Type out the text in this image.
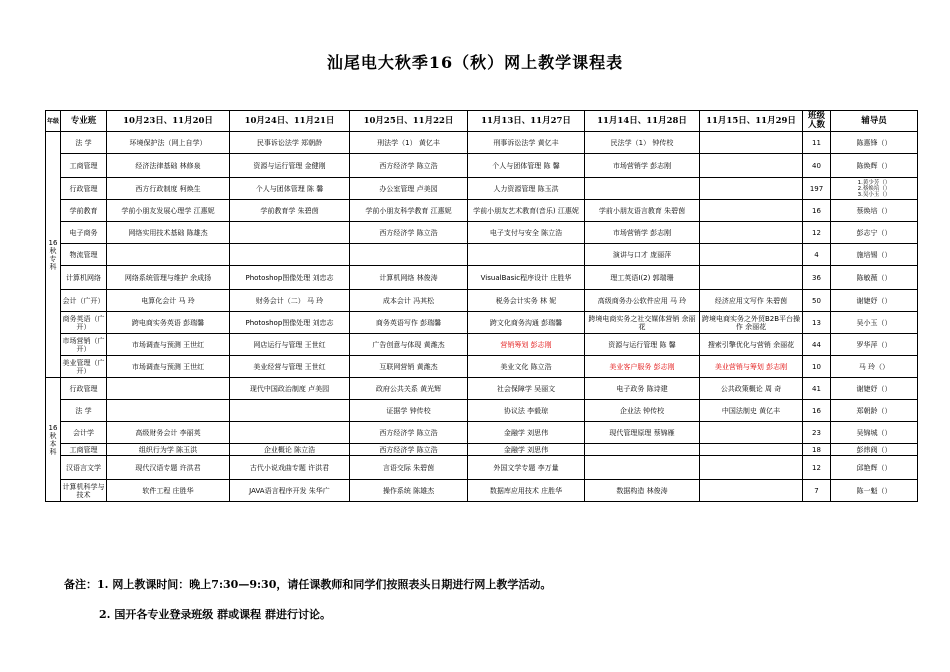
汕尾电大秋季16（秋）网上教学课程表
年级	专业班	10月23日、11月20日	10月24日、11月21日	10月25日、11月22日	11月13日、11月27日	11月14日、11月28日	11月15日、11月29日	班级人数	辅导员
16秋专科	法 学	环境保护法（网上自学）	民事诉讼法学 郑朝龄	刑法学（1） 黄亿丰	刑事诉讼法学 黄亿丰	民法学（1） 钟传校		11	陈惠锋（）
	工商管理	经济法律基础 林修泉	资源与运行管理 金健刚	西方经济学 陈立浩	个人与团体管理 陈 馨	市场营销学 彭志刚		40	陈焕辉（）
	行政管理	西方行政制度 柯焕生	个人与团体管理 陈 馨	办公室管理 卢美园	人力资源管理 陈玉洪			197	1.黄少芳（）
2.蔡焕培（）
3.吴小玉（）
	学前教育	学前小朋友发展心理学 江惠妮	学前教育学 朱碧茵	学前小朋友科学教育 江惠妮	学前小朋友艺术教育(音乐) 江惠妮	学前小朋友语言教育 朱碧茵		16	蔡焕培（）
	电子商务	网络实用技术基础 陈雄杰		西方经济学 陈立浩	电子支付与安全 陈立浩	市场营销学 彭志刚		12	彭志宁（）
	物流管理					演讲与口才 庞丽萍		4	施培锡（）
	计算机网络	网络系统管理与维护 余成扬	Photoshop图像处理 刘忠志	计算机网络 林俊涛	VisualBasic程序设计 庄胜华	理工英语Ⅰ(2) 郭瑞珊		36	陈敏薇（）
	会计（广开）	电算化会计 马 玲	财务会计（二） 马 玲	成本会计 冯其松	税务会计实务 林 妮	高级商务办公软件应用 马 玲	经济应用文写作 朱碧茵	50	谢婕妤（）
	商务英语（广开）	跨电商实务英语 彭瑞馨	Photoshop图像处理 刘忠志	商务英语写作 彭瑞馨	跨文化商务沟通 彭瑞馨	跨境电商实务之社交媒体营销 余丽花	跨境电商实务之外贸B2B平台操作 余丽花	13	吴小玉（）
	市场营销（广开）	市场调查与预测 王世红	网店运行与管理 王世红	广告创意与体现 黄潍杰	营销筹划 彭志刚	资源与运行管理 陈 馨	搜索引擎优化与营销 余丽花	44	罗华萍（）
	美业管理（广开）	市场调查与预测 王世红	美业经营与管理 王世红	互联网营销 黄潍杰	美业文化 陈立浩	美业客户服务 彭志刚	美业营销与筹划 彭志刚	10	马 玲（）
16秋本科	行政管理		现代中国政治制度 卢美园	政府公共关系 黄光辉	社会保障学 吴丽文	电子政务 陈诗建	公共政策概论 周 奇	41	谢婕妤（）
	法 学			证据学 钟传校	协议法 李毅琼	企业法 钟传校	中国法制史 黄亿丰	16	郑朝龄（）
	会计学	高级财务会计 李丽英		西方经济学 陈立浩	金融学 刘思伟	现代管理原理 蔡锦雁		23	吴锦城（）
	工商管理	组织行为学 陈玉洪	企业概论 陈立浩	西方经济学 陈立浩	金融学 刘思伟			18	彭炜阀（）
	汉语言文学	现代汉语专题 许洪君	古代小说戏曲专题 许洪君	言语交际 朱碧茵	外国文学专题 李万量			12	邱艳辉（）
	计算机科学与技术	软件工程 庄胜华	JAVA语言程序开发 朱华广	操作系统 陈雄杰	数据库应用技术 庄胜华	数据构造 林俊涛		7	陈一魁（）
备注：1. 网上教课时间：晚上7:30—9:30，请任课教师和同学们按照表头日期进行网上教学活动。
2. 国开各专业登录班级 群或课程 群进行讨论。
